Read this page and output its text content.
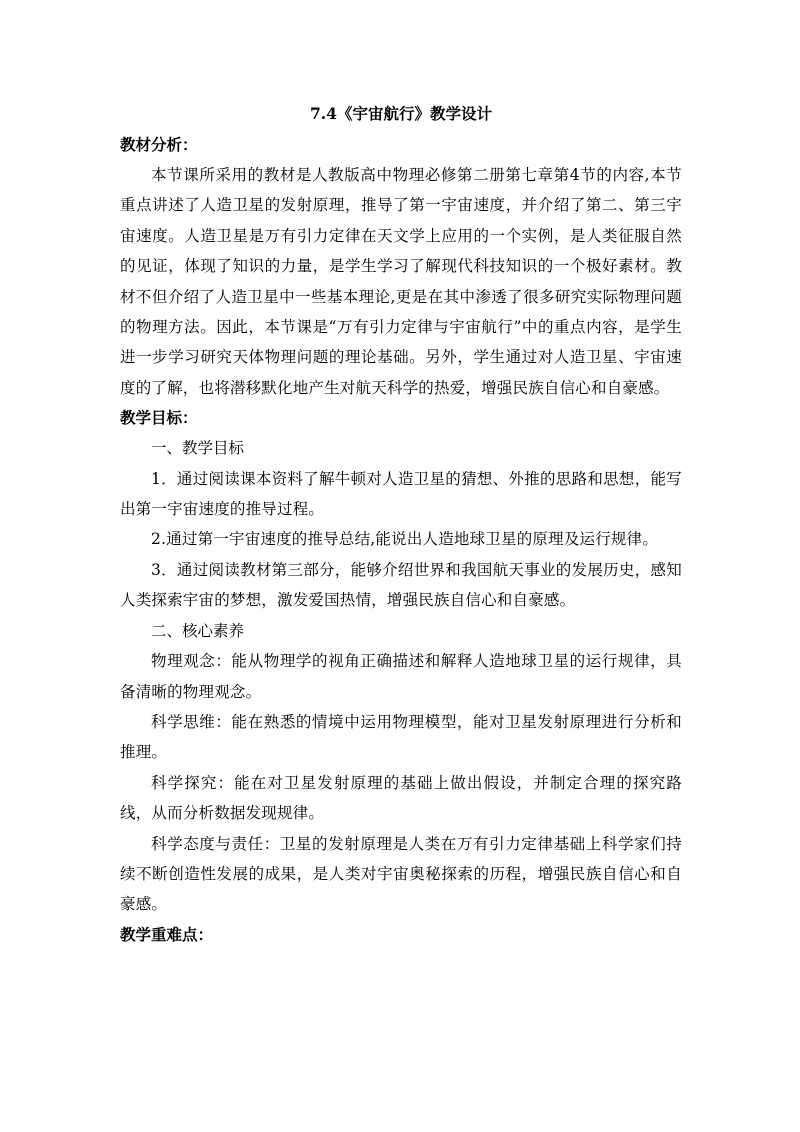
7.4《宇宙航行》教学设计

教材分析：

本节课所采用的教材是人教版高中物理必修第二册第七章第4节的内容,本节重点讲述了人造卫星的发射原理，推导了第一宇宙速度，并介绍了第二、第三宇宙速度。人造卫星是万有引力定律在天文学上应用的一个实例，是人类征服自然的见证，体现了知识的力量，是学生学习了解现代科技知识的一个极好素材。教材不但介绍了人造卫星中一些基本理论,更是在其中渗透了很多研究实际物理问题的物理方法。因此，本节课是“万有引力定律与宇宙航行”中的重点内容，是学生进一步学习研究天体物理问题的理论基础。另外，学生通过对人造卫星、宇宙速度的了解，也将潜移默化地产生对航天科学的热爱，增强民族自信心和自豪感。

教学目标：

一、教学目标

1．通过阅读课本资料了解牛顿对人造卫星的猜想、外推的思路和思想，能写出第一宇宙速度的推导过程。

2.通过第一宇宙速度的推导总结,能说出人造地球卫星的原理及运行规律。

3．通过阅读教材第三部分，能够介绍世界和我国航天事业的发展历史，感知人类探索宇宙的梦想，激发爱国热情，增强民族自信心和自豪感。

二、核心素养

物理观念：能从物理学的视角正确描述和解释人造地球卫星的运行规律，具备清晰的物理观念。

科学思维：能在熟悉的情境中运用物理模型，能对卫星发射原理进行分析和推理。

科学探究：能在对卫星发射原理的基础上做出假设，并制定合理的探究路线，从而分析数据发现规律。

科学态度与责任：卫星的发射原理是人类在万有引力定律基础上科学家们持续不断创造性发展的成果，是人类对宇宙奥秘探索的历程，增强民族自信心和自豪感。

教学重难点：
